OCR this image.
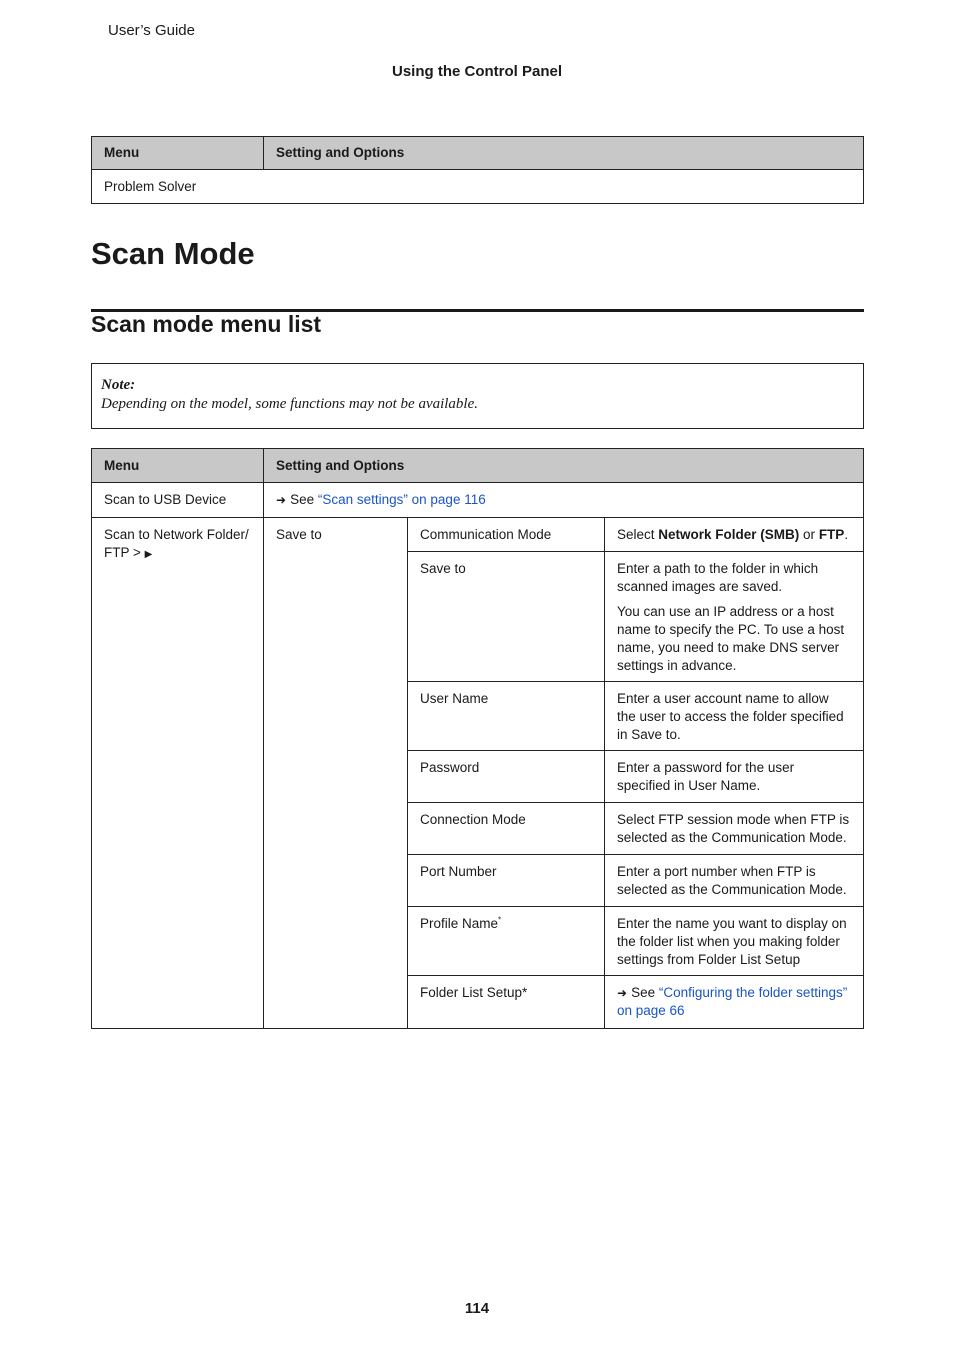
User’s Guide
Using the Control Panel
Menu	Setting and Options
Problem Solver
Scan Mode
Scan mode menu list
Note:
Depending on the model, some functions may not be available.
Menu	Setting and Options		
Scan to USB Device	➜ See “Scan settings” on page 116		
Scan to Network Folder/ FTP > ▶	Save to	Communication Mode	Select Network Folder (SMB) or FTP.
		Save to	Enter a path to the folder in which scanned images are saved.
You can use an IP address or a host name to specify the PC. To use a host name, you need to make DNS server settings in advance.

		User Name	Enter a user account name to allow the user to access the folder specified in Save to.
		Password	Enter a password for the user specified in User Name.
		Connection Mode	Select FTP session mode when FTP is selected as the Communication Mode.
		Port Number	Enter a port number when FTP is selected as the Communication Mode.
		Profile Name*	Enter the name you want to display on the folder list when you making folder settings from Folder List Setup
		Folder List Setup*	➜ See “Configuring the folder settings” on page 66
114
